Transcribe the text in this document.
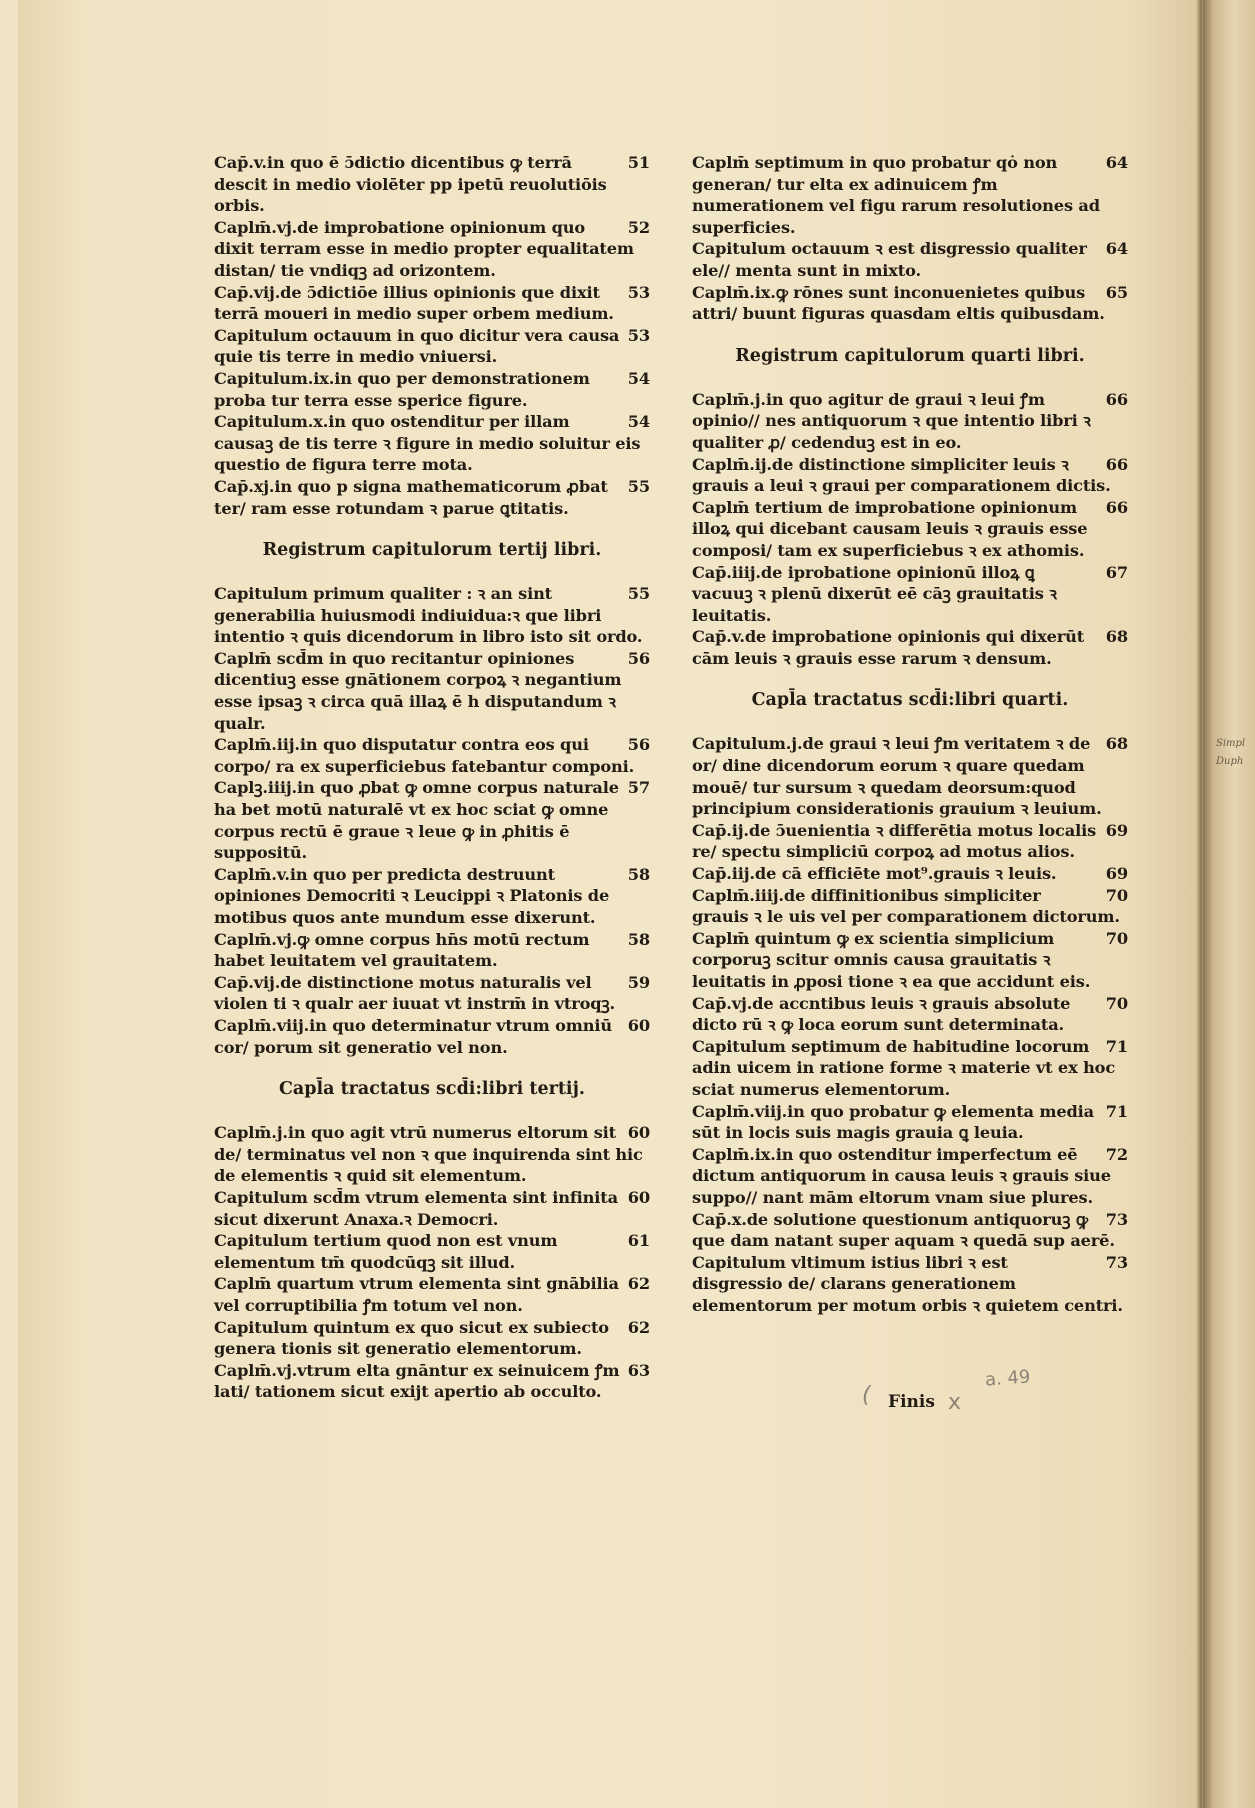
51
Cap̄.v.in quo ē ɔ̄dictio dicentibus ꝙ terrā descit in medio violēter pp ipetū reuolutiōis orbis.
52
Caplm̄.vj.de improbatione opinionum quo dixit terram esse in medio propter equalitatem distan/ tie vndiqꝫ ad orizontem.
53
Cap̄.vij.de ɔ̄dictiōe illius opinionis que dixit terrā moueri in medio super orbem medium.
53
Capitulum octauum in quo dicitur vera causa quie tis terre in medio vniuersi.
54
Capitulum.ix.in quo per demonstrationem proba tur terra esse sperice figure.
54
Capitulum.x.in quo ostenditur per illam causaꝫ de tis terre ꝛ figure in medio soluitur eis questio de figura terre mota.
55
Cap̄.xj.in quo p signa mathematicorum ꝓbat ter/ ram esse rotundam ꝛ parue ꝗtitatis.
Registrum capitulorum tertij libri.
55
Capitulum primum qualiter : ꝛ an sint generabilia huiusmodi indiuidua:ꝛ que libri intentio ꝛ quis dicendorum in libro isto sit ordo.
56
Caplm̄ scd̄m in quo recitantur opiniones dicentiuꝫ esse gnātionem corpoꝝ ꝛ negantium esse ipsaꝫ ꝛ circa quā illaꝝ ē h disputandum ꝛ qualr.
56
Caplm̄.iij.in quo disputatur contra eos qui corpo/ ra ex superficiebus fatebantur componi.
57
Caplꝫ.iiij.in quo ꝓbat ꝙ omne corpus naturale ha bet motū naturalē vt ex hoc sciat ꝙ omne corpus rectū ē graue ꝛ leue ꝙ in ꝓhitis ē suppositū.
58
Caplm̄.v.in quo per predicta destruunt opiniones Democriti ꝛ Leucippi ꝛ Platonis de motibus quos ante mundum esse dixerunt.
58
Caplm̄.vj.ꝙ omne corpus hn̄s motū rectum habet leuitatem vel grauitatem.
59
Cap̄.vij.de distinctione motus naturalis vel violen ti ꝛ qualr aer iuuat vt instrm̄ in vtroqꝫ.
60
Caplm̄.viij.in quo determinatur vtrum omniū cor/ porum sit generatio vel non.
Capl̄a tractatus scd̄i:libri tertij.
60
Caplm̄.j.in quo agit vtrū numerus eltorum sit de/ terminatus vel non ꝛ que inquirenda sint hic de elementis ꝛ quid sit elementum.
60
Capitulum scd̄m vtrum elementa sint infinita sicut dixerunt Anaxa.ꝛ Democri.
61
Capitulum tertium quod non est vnum elementum tm̄ quodcūqꝫ sit illud.
62
Caplm̄ quartum vtrum elementa sint gnābilia vel corruptibilia ꝭm totum vel non.
62
Capitulum quintum ex quo sicut ex subiecto genera tionis sit generatio elementorum.
63
Caplm̄.vj.vtrum elta gnāntur ex seinuicem ꝭm lati/ tationem sicut exijt apertio ab occulto.
64
Caplm̄ septimum in quo probatur qȯ non generan/ tur elta ex adinuicem ꝭm numerationem vel figu rarum resolutiones ad superficies.
64
Capitulum octauum ꝛ est disgressio qualiter ele// menta sunt in mixto.
65
Caplm̄.ix.ꝙ rōnes sunt inconuenietes quibus attri/ buunt figuras quasdam eltis quibusdam.
Registrum capitulorum quarti libri.
66
Caplm̄.j.in quo agitur de graui ꝛ leui ꝭm opinio// nes antiquorum ꝛ que intentio libri ꝛ qualiter ꝓ/ cedenduꝫ est in eo.
66
Caplm̄.ij.de distinctione simpliciter leuis ꝛ grauis a leui ꝛ graui per comparationem dictis.
66
Caplm̄ tertium de improbatione opinionum illoꝝ qui dicebant causam leuis ꝛ grauis esse composi/ tam ex superficiebus ꝛ ex athomis.
67
Cap̄.iiij.de iprobatione opinionū illoꝝ ꝗ vacuuꝫ ꝛ plenū dixerūt eē cāꝫ grauitatis ꝛ leuitatis.
68
Cap̄.v.de improbatione opinionis qui dixerūt cām leuis ꝛ grauis esse rarum ꝛ densum.
Capl̄a tractatus scd̄i:libri quarti.
68
Capitulum.j.de graui ꝛ leui ꝭm veritatem ꝛ de or/ dine dicendorum eorum ꝛ quare quedam mouē/ tur sursum ꝛ quedam deorsum:quod principium considerationis grauium ꝛ leuium.
69
Cap̄.ij.de ɔ̄uenientia ꝛ differētia motus localis re/ spectu simpliciū corpoꝝ ad motus alios.
69
Cap̄.iij.de cā efficiēte mot⁹.grauis ꝛ leuis.
70
Caplm̄.iiij.de diffinitionibus simpliciter grauis ꝛ le uis vel per comparationem dictorum.
70
Caplm̄ quintum ꝙ ex scientia simplicium corporuꝫ scitur omnis causa grauitatis ꝛ leuitatis in ꝓposi tione ꝛ ea que accidunt eis.
70
Cap̄.vj.de accntibus leuis ꝛ grauis absolute dicto rū ꝛ ꝙ loca eorum sunt determinata.
71
Capitulum septimum de habitudine locorum adin uicem in ratione forme ꝛ materie vt ex hoc sciat numerus elementorum.
71
Caplm̄.viij.in quo probatur ꝙ elementa media sūt in locis suis magis grauia ꝗ leuia.
72
Caplm̄.ix.in quo ostenditur imperfectum eē dictum antiquorum in causa leuis ꝛ grauis siue suppo// nant mām eltorum vnam siue plures.
73
Cap̄.x.de solutione questionum antiquoruꝫ ꝙ que dam natant super aquam ꝛ quedā sup aerē.
73
Capitulum vltimum istius libri ꝛ est disgressio de/ clarans generationem elementorum per motum orbis ꝛ quietem centri.
( Finis x
a. 49
Simpl
Duph
